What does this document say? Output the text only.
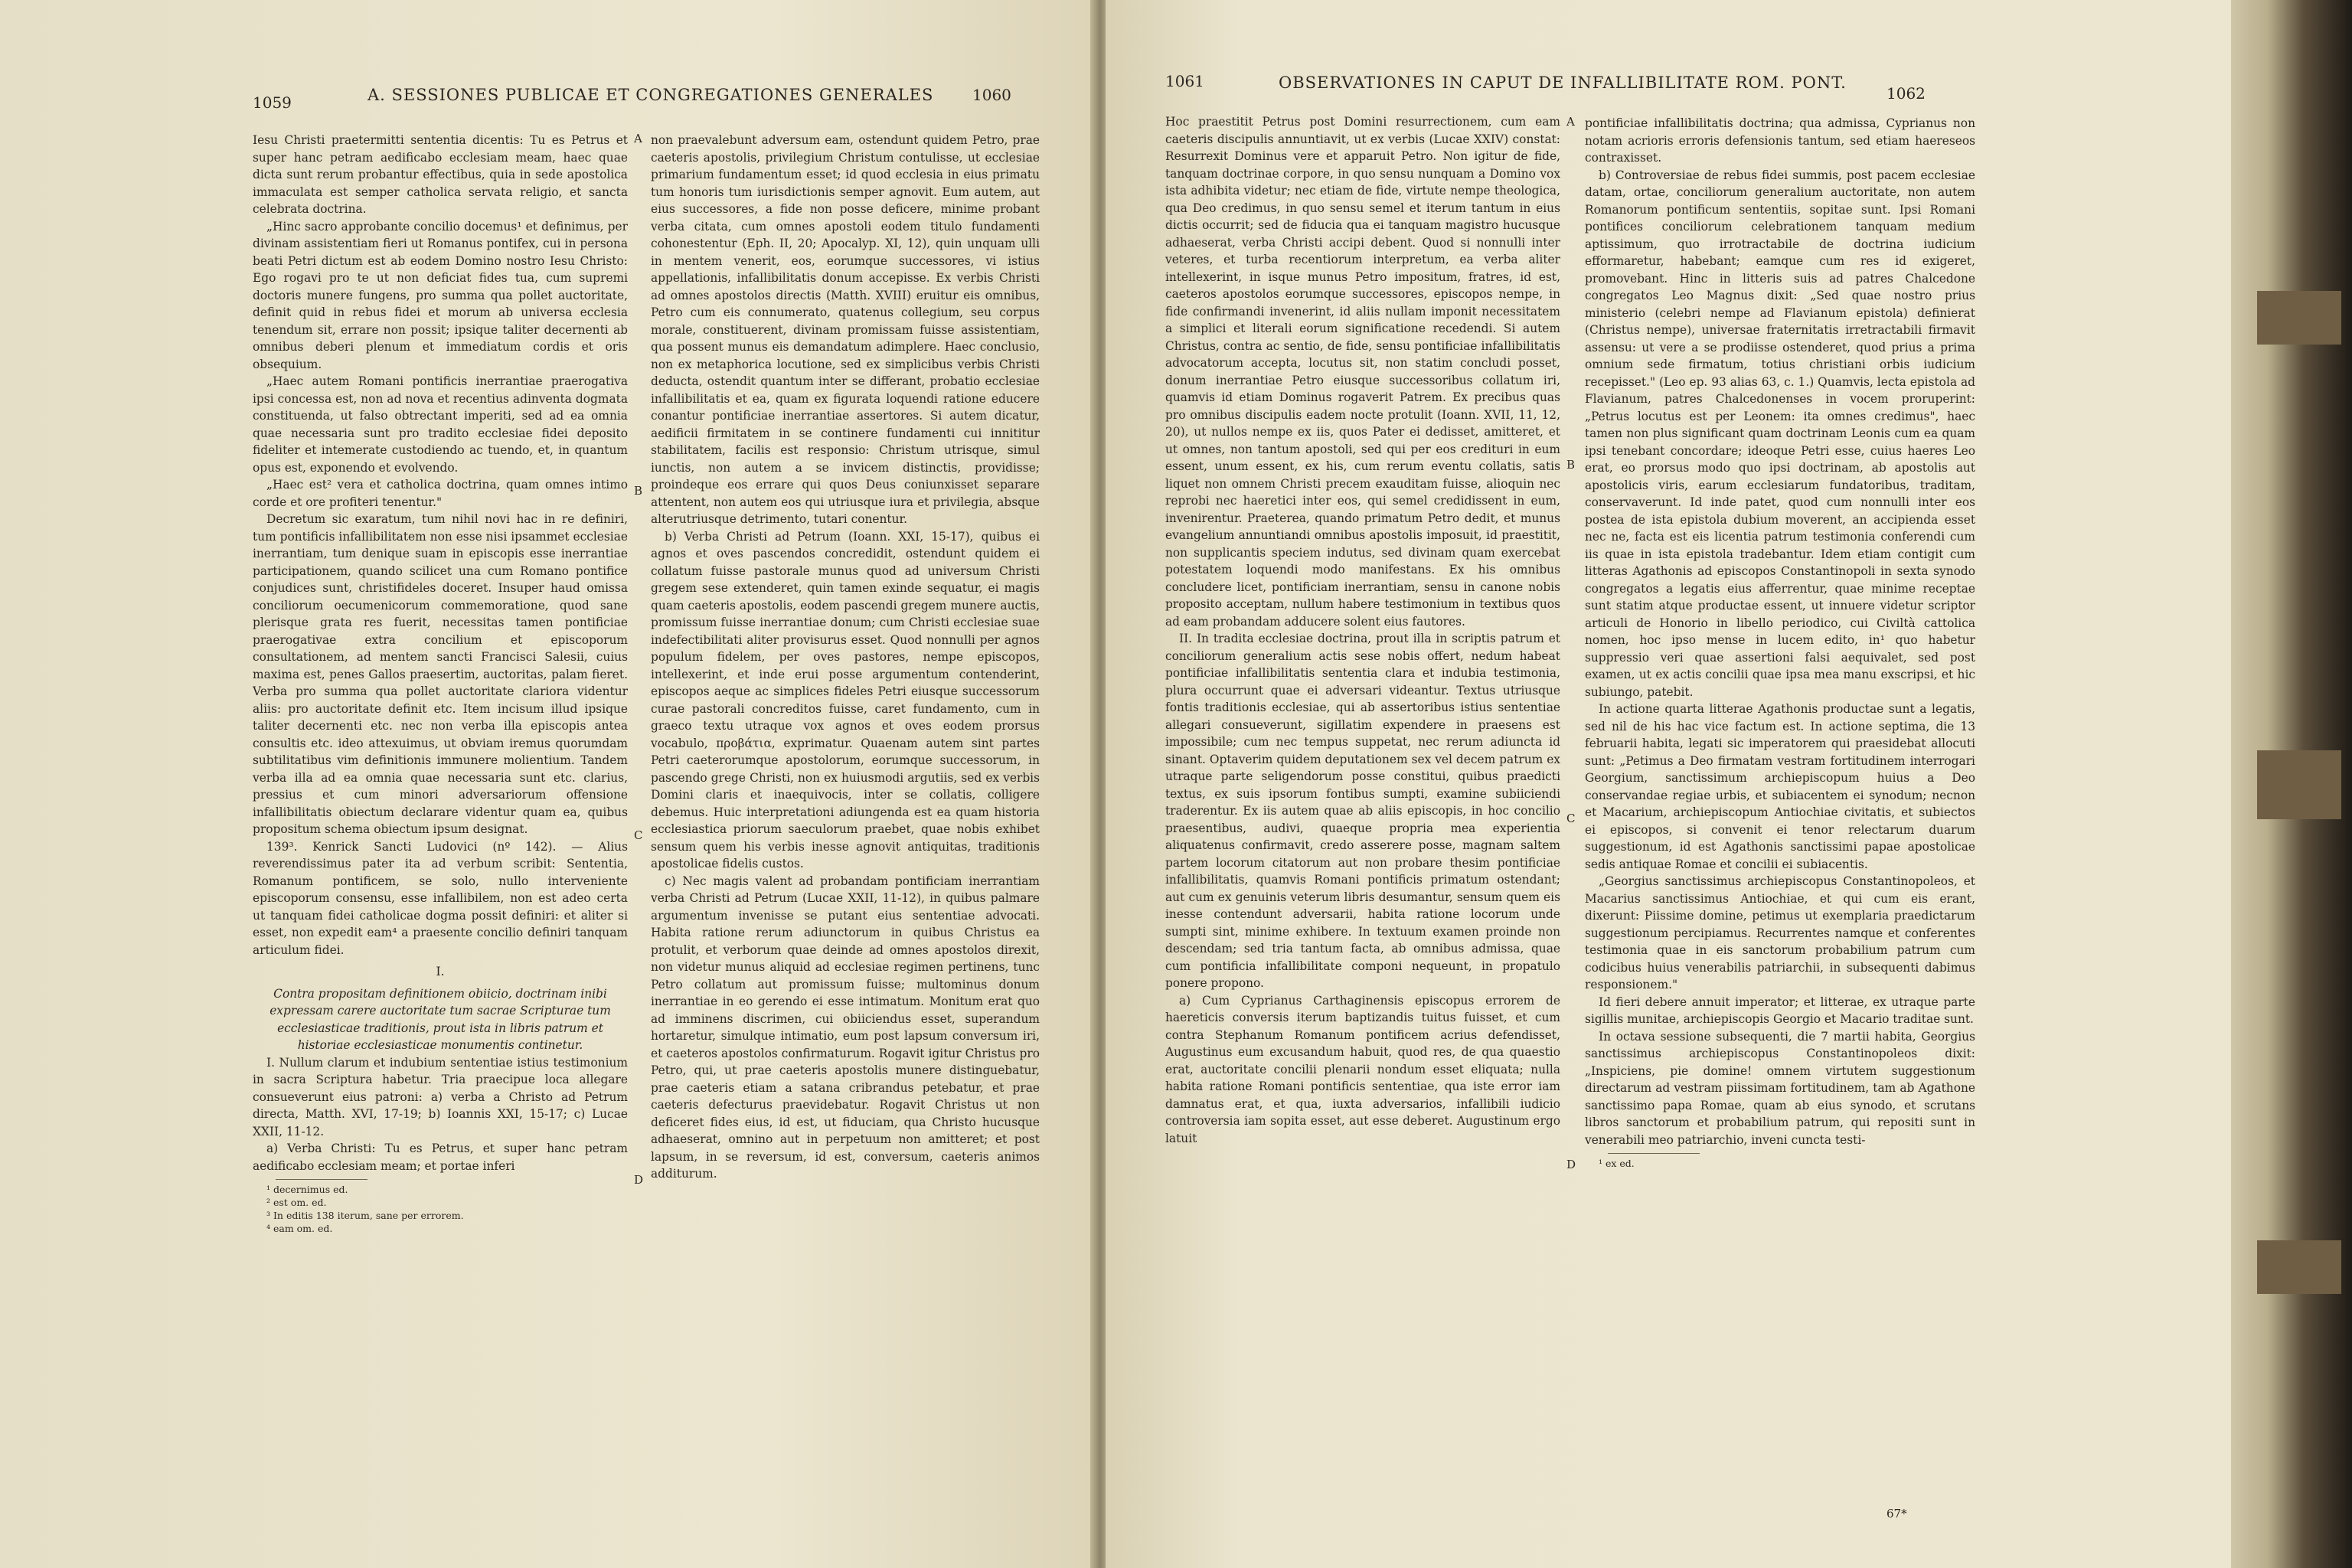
1059	A. SESSIONES PUBLICAE ET CONGREGATIONES GENERALES	1060

Iesu Christi praetermitti sententia dicentis: Tu es Petrus et super hanc petram aedificabo ecclesiam meam, haec quae dicta sunt rerum probantur effectibus, quia in sede apostolica immaculata est semper catholica servata religio, et sancta celebrata doctrina.

„Hinc sacro approbante concilio docemus¹ et definimus, per divinam assistentiam fieri ut Romanus pontifex, cui in persona beati Petri dictum est ab eodem Domino nostro Iesu Christo: Ego rogavi pro te ut non deficiat fides tua, cum supremi doctoris munere fungens, pro summa qua pollet auctoritate, definit quid in rebus fidei et morum ab universa ecclesia tenendum sit, errare non possit; ipsique taliter decernenti ab omnibus deberi plenum et immediatum cordis et oris obsequium.

„Haec autem Romani pontificis inerrantiae praerogativa ipsi concessa est, non ad nova et recentius adinventa dogmata constituenda, ut falso obtrectant imperiti, sed ad ea omnia quae necessaria sunt pro tradito ecclesiae fidei deposito fideliter et intemerate custodiendo ac tuendo, et, in quantum opus est, exponendo et evolvendo.

„Haec est² vera et catholica doctrina, quam omnes intimo corde et ore profiteri tenentur."

Decretum sic exaratum, tum nihil novi hac in re definiri, tum pontificis infallibilitatem non esse nisi ipsammet ecclesiae inerrantiam, tum denique suam in episcopis esse inerrantiae participationem, quando scilicet una cum Romano pontifice conjudices sunt, christifideles doceret. Insuper haud omissa conciliorum oecumenicorum commemoratione, quod sane plerisque grata res fuerit, necessitas tamen pontificiae praerogativae extra concilium et episcoporum consultationem, ad mentem sancti Francisci Salesii, cuius maxima est, penes Gallos praesertim, auctoritas, palam fieret. Verba pro summa qua pollet auctoritate clariora videntur aliis: pro auctoritate definit etc. Item incisum illud ipsique taliter decernenti etc. nec non verba illa episcopis antea consultis etc. ideo attexuimus, ut obviam iremus quorumdam subtilitatibus vim definitionis immunere molientium. Tandem verba illa ad ea omnia quae necessaria sunt etc. clarius, pressius et cum minori adversariorum offensione infallibilitatis obiectum declarare videntur quam ea, quibus propositum schema obiectum ipsum designat.

139³. Kenrick Sancti Ludovici (nº 142). — Alius reverendissimus pater ita ad verbum scribit: Sententia, Romanum pontificem, se solo, nullo interveniente episcoporum consensu, esse infallibilem, non est adeo certa ut tanquam fidei catholicae dogma possit definiri: et aliter si esset, non expedit eam⁴ a praesente concilio definiri tanquam articulum fidei.

I.

Contra propositam definitionem obiicio, doctrinam inibi expressam carere auctoritate tum sacrae Scripturae tum ecclesiasticae traditionis, prout ista in libris patrum et historiae ecclesiasticae monumentis continetur.

I. Nullum clarum et indubium sententiae istius testimonium in sacra Scriptura habetur. Tria praecipue loca allegare consueverunt eius patroni: a) verba a Christo ad Petrum directa, Matth. XVI, 17-19; b) Ioannis XXI, 15-17; c) Lucae XXII, 11-12.

a) Verba Christi: Tu es Petrus, et super hanc petram aedificabo ecclesiam meam; et portae inferi

¹ decernimus ed.

² est om. ed.

³ In editis 138 iterum, sane per errorem.

⁴ eam om. ed.

A
B
C
D

non praevalebunt adversum eam, ostendunt quidem Petro, prae caeteris apostolis, privilegium Christum contulisse, ut ecclesiae primarium fundamentum esset; id quod ecclesia in eius primatu tum honoris tum iurisdictionis semper agnovit. Eum autem, aut eius successores, a fide non posse deficere, minime probant verba citata, cum omnes apostoli eodem titulo fundamenti cohonestentur (Eph. II, 20; Apocalyp. XI, 12), quin unquam ulli in mentem venerit, eos, eorumque successores, vi istius appellationis, infallibilitatis donum accepisse. Ex verbis Christi ad omnes apostolos directis (Matth. XVIII) eruitur eis omnibus, Petro cum eis connumerato, quatenus collegium, seu corpus morale, constituerent, divinam promissam fuisse assistentiam, qua possent munus eis demandatum adimplere. Haec conclusio, non ex metaphorica locutione, sed ex simplicibus verbis Christi deducta, ostendit quantum inter se differant, probatio ecclesiae infallibilitatis et ea, quam ex figurata loquendi ratione educere conantur pontificiae inerrantiae assertores. Si autem dicatur, aedificii firmitatem in se continere fundamenti cui innititur stabilitatem, facilis est responsio: Christum utrisque, simul iunctis, non autem a se invicem distinctis, providisse; proindeque eos errare qui quos Deus coniunxisset separare attentent, non autem eos qui utriusque iura et privilegia, absque alterutriusque detrimento, tutari conentur.

b) Verba Christi ad Petrum (Ioann. XXI, 15-17), quibus ei agnos et oves pascendos concredidit, ostendunt quidem ei collatum fuisse pastorale munus quod ad universum Christi gregem sese extenderet, quin tamen exinde sequatur, ei magis quam caeteris apostolis, eodem pascendi gregem munere auctis, promissum fuisse inerrantiae donum; cum Christi ecclesiae suae indefectibilitati aliter provisurus esset. Quod nonnulli per agnos populum fidelem, per oves pastores, nempe episcopos, intellexerint, et inde erui posse argumentum contenderint, episcopos aeque ac simplices fideles Petri eiusque successorum curae pastorali concreditos fuisse, caret fundamento, cum in graeco textu utraque vox agnos et oves eodem prorsus vocabulo, προβάτια, exprimatur. Quaenam autem sint partes Petri caeterorumque apostolorum, eorumque successorum, in pascendo grege Christi, non ex huiusmodi argutiis, sed ex verbis Domini claris et inaequivocis, inter se collatis, colligere debemus. Huic interpretationi adiungenda est ea quam historia ecclesiastica priorum saeculorum praebet, quae nobis exhibet sensum quem his verbis inesse agnovit antiquitas, traditionis apostolicae fidelis custos.

c) Nec magis valent ad probandam pontificiam inerrantiam verba Christi ad Petrum (Lucae XXII, 11-12), in quibus palmare argumentum invenisse se putant eius sententiae advocati. Habita ratione rerum adiunctorum in quibus Christus ea protulit, et verborum quae deinde ad omnes apostolos direxit, non videtur munus aliquid ad ecclesiae regimen pertinens, tunc Petro collatum aut promissum fuisse; multominus donum inerrantiae in eo gerendo ei esse intimatum. Monitum erat quo ad imminens discrimen, cui obiiciendus esset, superandum hortaretur, simulque intimatio, eum post lapsum conversum iri, et caeteros apostolos confirmaturum. Rogavit igitur Christus pro Petro, qui, ut prae caeteris apostolis munere distinguebatur, prae caeteris etiam a satana cribrandus petebatur, et prae caeteris defecturus praevidebatur. Rogavit Christus ut non deficeret fides eius, id est, ut fiduciam, qua Christo hucusque adhaeserat, omnino aut in perpetuum non amitteret; et post lapsum, in se reversum, id est, conversum, caeteris animos additurum.

1061	OBSERVATIONES IN CAPUT DE INFALLIBILITATE ROM. PONT.
1062

Hoc praestitit Petrus post Domini resurrectionem, cum eam caeteris discipulis annuntiavit, ut ex verbis (Lucae XXIV) constat: Resurrexit Dominus vere et apparuit Petro. Non igitur de fide, tanquam doctrinae corpore, in quo sensu nunquam a Domino vox ista adhibita videtur; nec etiam de fide, virtute nempe theologica, qua Deo credimus, in quo sensu semel et iterum tantum in eius dictis occurrit; sed de fiducia qua ei tanquam magistro hucusque adhaeserat, verba Christi accipi debent. Quod si nonnulli inter veteres, et turba recentiorum interpretum, ea verba aliter intellexerint, in isque munus Petro impositum, fratres, id est, caeteros apostolos eorumque successores, episcopos nempe, in fide confirmandi invenerint, id aliis nullam imponit necessitatem a simplici et literali eorum significatione recedendi. Si autem Christus, contra ac sentio, de fide, sensu pontificiae infallibilitatis advocatorum accepta, locutus sit, non statim concludi posset, donum inerrantiae Petro eiusque successoribus collatum iri, quamvis id etiam Dominus rogaverit Patrem. Ex precibus quas pro omnibus discipulis eadem nocte protulit (Ioann. XVII, 11, 12, 20), ut nullos nempe ex iis, quos Pater ei dedisset, amitteret, et ut omnes, non tantum apostoli, sed qui per eos credituri in eum essent, unum essent, ex his, cum rerum eventu collatis, satis liquet non omnem Christi precem exauditam fuisse, alioquin nec reprobi nec haeretici inter eos, qui semel credidissent in eum, invenirentur. Praeterea, quando primatum Petro dedit, et munus evangelium annuntiandi omnibus apostolis imposuit, id praestitit, non supplicantis speciem indutus, sed divinam quam exercebat potestatem loquendi modo manifestans. Ex his omnibus concludere licet, pontificiam inerrantiam, sensu in canone nobis proposito acceptam, nullum habere testimonium in textibus quos ad eam probandam adducere solent eius fautores.

II. In tradita ecclesiae doctrina, prout illa in scriptis patrum et conciliorum generalium actis sese nobis offert, nedum habeat pontificiae infallibilitatis sententia clara et indubia testimonia, plura occurrunt quae ei adversari videantur. Textus utriusque fontis traditionis ecclesiae, qui ab assertoribus istius sententiae allegari consueverunt, sigillatim expendere in praesens est impossibile; cum nec tempus suppetat, nec rerum adiuncta id sinant. Optaverim quidem deputationem sex vel decem patrum ex utraque parte seligendorum posse constitui, quibus praedicti textus, ex suis ipsorum fontibus sumpti, examine subiiciendi traderentur. Ex iis autem quae ab aliis episcopis, in hoc concilio praesentibus, audivi, quaeque propria mea experientia aliquatenus confirmavit, credo asserere posse, magnam saltem partem locorum citatorum aut non probare thesim pontificiae infallibilitatis, quamvis Romani pontificis primatum ostendant; aut cum ex genuinis veterum libris desumantur, sensum quem eis inesse contendunt adversarii, habita ratione locorum unde sumpti sint, minime exhibere. In textuum examen proinde non descendam; sed tria tantum facta, ab omnibus admissa, quae cum pontificia infallibilitate componi nequeunt, in propatulo ponere propono.

a) Cum Cyprianus Carthaginensis episcopus errorem de haereticis conversis iterum baptizandis tuitus fuisset, et cum contra Stephanum Romanum pontificem acrius defendisset, Augustinus eum excusandum habuit, quod res, de qua quaestio erat, auctoritate concilii plenarii nondum esset eliquata; nulla habita ratione Romani pontificis sententiae, qua iste error iam damnatus erat, et qua, iuxta adversarios, infallibili iudicio controversia iam sopita esset, aut esse deberet. Augustinum ergo latuit

A
B
C
D

pontificiae infallibilitatis doctrina; qua admissa, Cyprianus non notam acrioris erroris defensionis tantum, sed etiam haereseos contraxisset.

b) Controversiae de rebus fidei summis, post pacem ecclesiae datam, ortae, conciliorum generalium auctoritate, non autem Romanorum pontificum sententiis, sopitae sunt. Ipsi Romani pontifices conciliorum celebrationem tanquam medium aptissimum, quo irrotractabile de doctrina iudicium efformaretur, habebant; eamque cum res id exigeret, promovebant. Hinc in litteris suis ad patres Chalcedone congregatos Leo Magnus dixit: „Sed quae nostro prius ministerio (celebri nempe ad Flavianum epistola) definierat (Christus nempe), universae fraternitatis irretractabili firmavit assensu: ut vere a se prodiisse ostenderet, quod prius a prima omnium sede firmatum, totius christiani orbis iudicium recepisset." (Leo ep. 93 alias 63, c. 1.) Quamvis, lecta epistola ad Flavianum, patres Chalcedonenses in vocem proruperint: „Petrus locutus est per Leonem: ita omnes credimus", haec tamen non plus significant quam doctrinam Leonis cum ea quam ipsi tenebant concordare; ideoque Petri esse, cuius haeres Leo erat, eo prorsus modo quo ipsi doctrinam, ab apostolis aut apostolicis viris, earum ecclesiarum fundatoribus, traditam, conservaverunt. Id inde patet, quod cum nonnulli inter eos postea de ista epistola dubium moverent, an accipienda esset nec ne, facta est eis licentia patrum testimonia conferendi cum iis quae in ista epistola tradebantur. Idem etiam contigit cum litteras Agathonis ad episcopos Constantinopoli in sexta synodo congregatos a legatis eius afferrentur, quae minime receptae sunt statim atque productae essent, ut innuere videtur scriptor articuli de Honorio in libello periodico, cui Civiltà cattolica nomen, hoc ipso mense in lucem edito, in¹ quo habetur suppressio veri quae assertioni falsi aequivalet, sed post examen, ut ex actis concilii quae ipsa mea manu exscripsi, et hic subiungo, patebit.

In actione quarta litterae Agathonis productae sunt a legatis, sed nil de his hac vice factum est. In actione septima, die 13 februarii habita, legati sic imperatorem qui praesidebat allocuti sunt: „Petimus a Deo firmatam vestram fortitudinem interrogari Georgium, sanctissimum archiepiscopum huius a Deo conservandae regiae urbis, et subiacentem ei synodum; necnon et Macarium, archiepiscopum Antiochiae civitatis, et subiectos ei episcopos, si convenit ei tenor relectarum duarum suggestionum, id est Agathonis sanctissimi papae apostolicae sedis antiquae Romae et concilii ei subiacentis.

„Georgius sanctissimus archiepiscopus Constantinopoleos, et Macarius sanctissimus Antiochiae, et qui cum eis erant, dixerunt: Piissime domine, petimus ut exemplaria praedictarum suggestionum percipiamus. Recurrentes namque et conferentes testimonia quae in eis sanctorum probabilium patrum cum codicibus huius venerabilis patriarchii, in subsequenti dabimus responsionem."

Id fieri debere annuit imperator; et litterae, ex utraque parte sigillis munitae, archiepiscopis Georgio et Macario traditae sunt.

In octava sessione subsequenti, die 7 martii habita, Georgius sanctissimus archiepiscopus Constantinopoleos dixit: „Inspiciens, pie domine! omnem virtutem suggestionum directarum ad vestram piissimam fortitudinem, tam ab Agathone sanctissimo papa Romae, quam ab eius synodo, et scrutans libros sanctorum et probabilium patrum, qui repositi sunt in venerabili meo patriarchio, inveni cuncta testi-

¹ ex ed.

67*
